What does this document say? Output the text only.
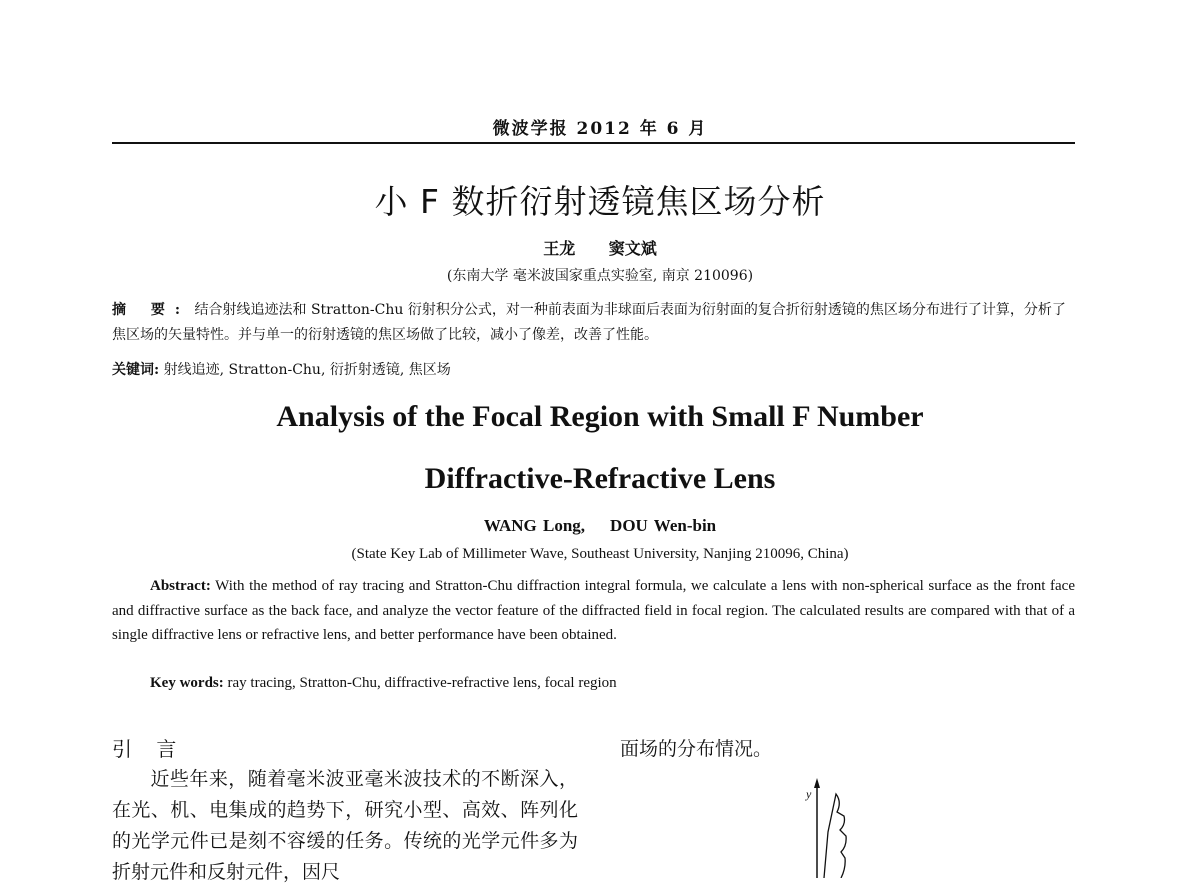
微波学报 2012 年 6 月
小 F 数折衍射透镜焦区场分析
王龙 窦文斌
(东南大学 毫米波国家重点实验室, 南京 210096)
摘 要: 结合射线追迹法和 Stratton-Chu 衍射积分公式，对一种前表面为非球面后表面为衍射面的复合折衍射透镜的焦区场分布进行了计算，分析了焦区场的矢量特性。并与单一的衍射透镜的焦区场做了比较，减小了像差，改善了性能。
关键词: 射线追迹, Stratton-Chu, 衍折射透镜, 焦区场
Analysis of the Focal Region with Small F Number
Diffractive-Refractive Lens
WANG Long,    DOU Wen-bin
(State Key Lab of Millimeter Wave, Southeast University, Nanjing 210096, China)
Abstract: With the method of ray tracing and Stratton-Chu diffraction integral formula, we calculate a lens with non-spherical surface as the front face and diffractive surface as the back face, and analyze the vector feature of the diffracted field in focal region. The calculated results are compared with that of a single diffractive lens or refractive lens, and better performance have been obtained.
Key words: ray tracing, Stratton-Chu, diffractive-refractive lens, focal region
引 言
近些年来，随着毫米波亚毫米波技术的不断深入，在光、机、电集成的趋势下，研究小型、高效、阵列化的光学元件已是刻不容缓的任务。传统的光学元件多为折射元件和反射元件，因尺
面场的分布情况。
y
